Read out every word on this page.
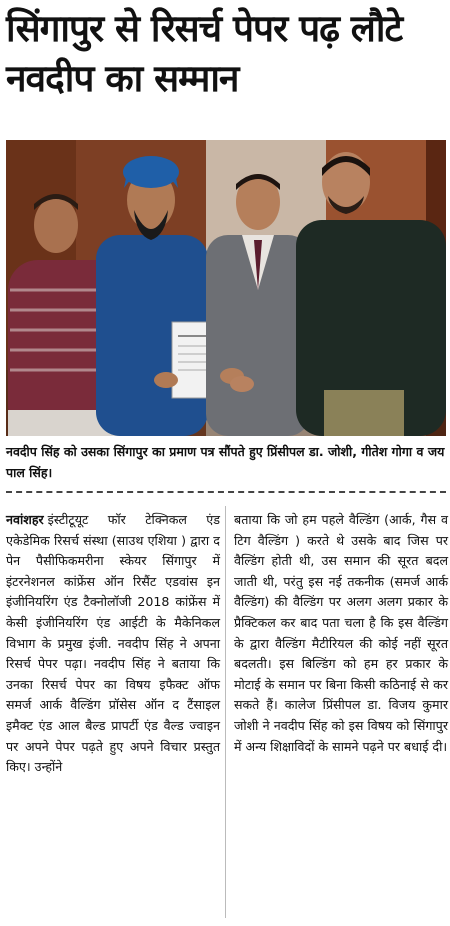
सिंगापुर से रिसर्च पेपर पढ़ लौटे नवदीप का सम्मान
नवदीप सिंह को उसका सिंगापुर का प्रमाण पत्र सौंपते हुए प्रिंसीपल डा. जोशी, गीतेश गोगा व जय पाल सिंह।
नवांशहर इंस्टीटूयूट फॉर टेक्निकल एंड एकेडेमिक रिसर्च संस्था (साउथ एशिया ) द्वारा द पेन पैसीफिकमरीना स्केयर सिंगापुर में इंटरनेशनल कांफ्रेंस ऑन रिसैंट एडवांस इन इंजीनियरिंग एंड टैक्नोलॉजी 2018 कांफ्रेंस में केसी इंजीनियरिंग एंड आईटी के मैकेनिकल विभाग के प्रमुख इंजी. नवदीप सिंह ने अपना रिसर्च पेपर पढ़ा। नवदीप सिंह ने बताया कि उनका रिसर्च पेपर का विषय इफैक्ट ऑफ समर्ज आर्क वैल्डिंग प्रॉसेस ऑन द टैंसाइल इमैक्ट एंड आल बैल्ड प्रापर्टी एंड वैल्ड ज्वाइन पर अपने पेपर पढ़ते हुए अपने विचार प्रस्तुत किए। उन्होंने
बताया कि जो हम पहले वैल्डिंग (आर्क, गैस व टिग वैल्डिंग ) करते थे उसके बाद जिस पर वैल्डिंग होती थी, उस समान की सूरत बदल जाती थी, परंतु इस नई तकनीक (समर्ज आर्क वैल्डिंग) की वैल्डिंग पर अलग अलग प्रकार के प्रैक्टिकल कर बाद पता चला है कि इस वैल्डिंग के द्वारा वैल्डिंग मैटीरियल की कोई नहीं सूरत बदलती। इस बिल्डिंग को हम हर प्रकार के मोटाई के समान पर बिना किसी कठिनाई से कर सकते हैं। कालेज प्रिंसीपल डा. विजय कुमार जोशी ने नवदीप सिंह को इस विषय को सिंगापुर में अन्य शिक्षाविदों के सामने पढ़ने पर बधाई दी।
